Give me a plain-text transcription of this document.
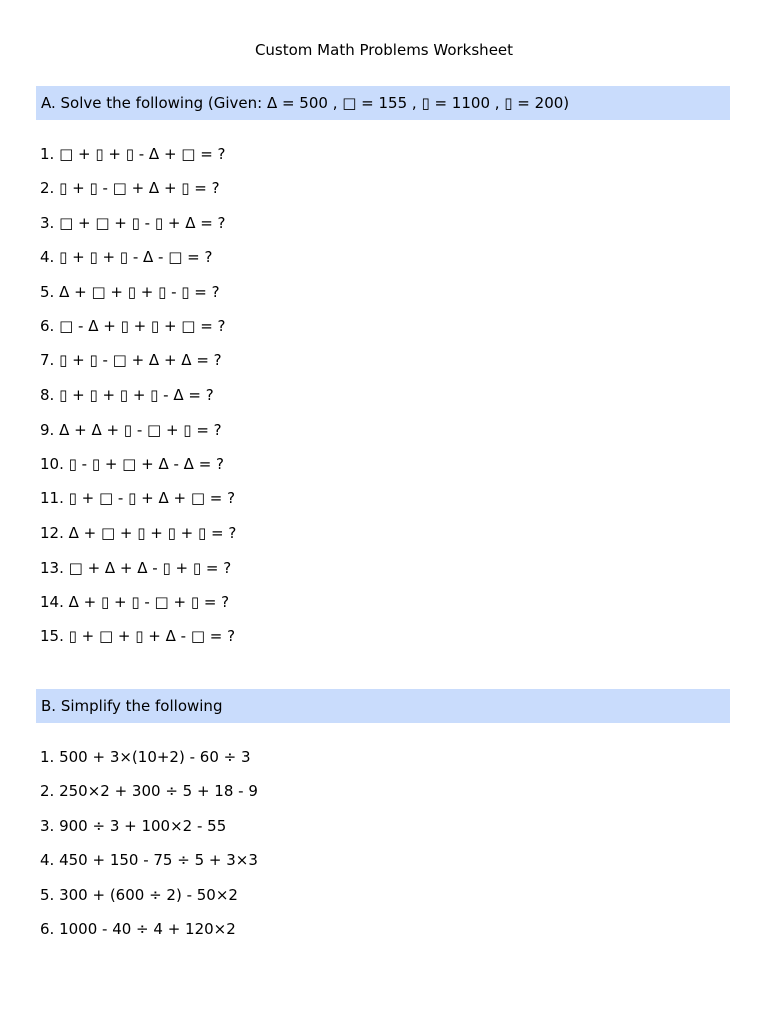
Custom Math Problems Worksheet
A. Solve the following (Given: Δ = 500 , □ = 155 , ▯ = 1100 , ▯ = 200)
1. □ + ▯ + ▯ - Δ + □ = ?
2. ▯ + ▯ - □ + Δ + ▯ = ?
3. □ + □ + ▯ - ▯ + Δ = ?
4. ▯ + ▯ + ▯ - Δ - □ = ?
5. Δ + □ + ▯ + ▯ - ▯ = ?
6. □ - Δ + ▯ + ▯ + □ = ?
7. ▯ + ▯ - □ + Δ + Δ = ?
8. ▯ + ▯ + ▯ + ▯ - Δ = ?
9. Δ + Δ + ▯ - □ + ▯ = ?
10. ▯ - ▯ + □ + Δ - Δ = ?
11. ▯ + □ - ▯ + Δ + □ = ?
12. Δ + □ + ▯ + ▯ + ▯ = ?
13. □ + Δ + Δ - ▯ + ▯ = ?
14. Δ + ▯ + ▯ - □ + ▯ = ?
15. ▯ + □ + ▯ + Δ - □ = ?
B. Simplify the following
1. 500 + 3×(10+2) - 60 ÷ 3
2. 250×2 + 300 ÷ 5 + 18 - 9
3. 900 ÷ 3 + 100×2 - 55
4. 450 + 150 - 75 ÷ 5 + 3×3
5. 300 + (600 ÷ 2) - 50×2
6. 1000 - 40 ÷ 4 + 120×2
